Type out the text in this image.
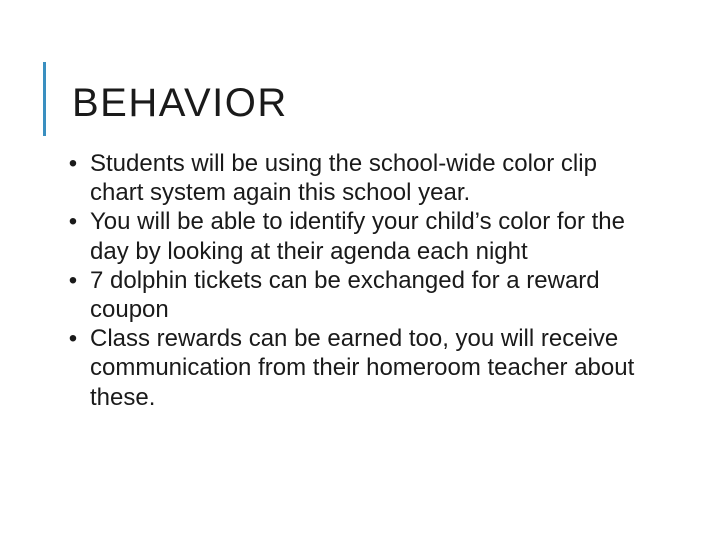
BEHAVIOR
• Students will be using the school-wide color clip chart system again this school year.
• You will be able to identify your child’s color for the day by looking at their agenda each night
• 7 dolphin tickets can be exchanged for a reward coupon
• Class rewards can be earned too, you will receive communication from their homeroom teacher about these.
